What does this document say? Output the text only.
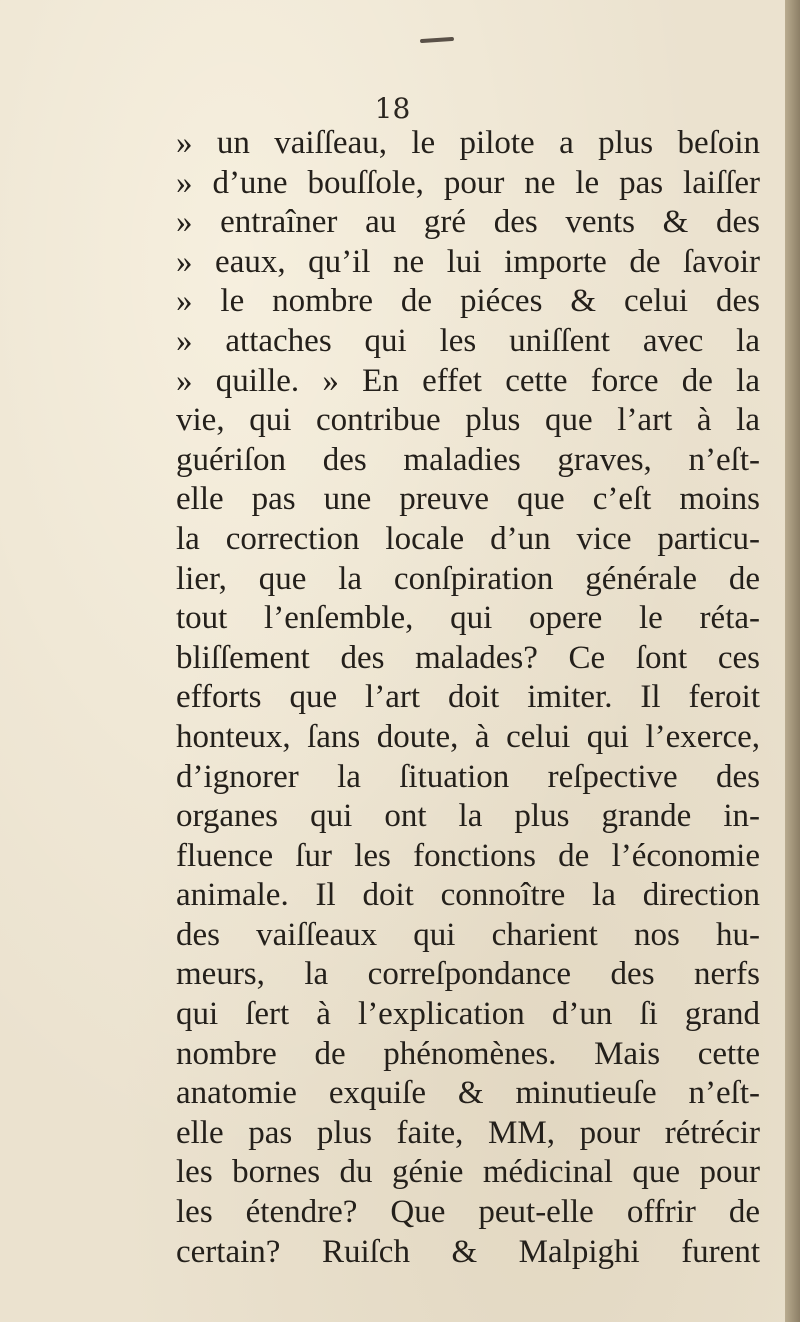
18
» un vaiſſeau, le pilote a plus beſoin
» d’une bouſſole, pour ne le pas laiſſer
» entraîner au gré des vents & des
» eaux, qu’il ne lui importe de ſavoir
» le nombre de piéces & celui des
» attaches qui les uniſſent avec la
» quille. » En effet cette force de la
vie, qui contribue plus que l’art à la
guériſon des maladies graves, n’eſt-
elle pas une preuve que c’eſt moins
la correction locale d’un vice particu-
lier, que la conſpiration générale de
tout l’enſemble, qui opere le réta-
bliſſement des malades? Ce ſont ces
efforts que l’art doit imiter. Il feroit
honteux, ſans doute, à celui qui l’exerce,
d’ignorer la ſituation reſpective des
organes qui ont la plus grande in-
fluence ſur les fonctions de l’économie
animale. Il doit connoître la direction
des vaiſſeaux qui charient nos hu-
meurs, la correſpondance des nerfs
qui ſert à l’explication d’un ſi grand
nombre de phénomènes. Mais cette
anatomie exquiſe & minutieuſe n’eſt-
elle pas plus faite, MM, pour rétrécir
les bornes du génie médicinal que pour
les étendre? Que peut-elle offrir de
certain? Ruiſch & Malpighi furent
